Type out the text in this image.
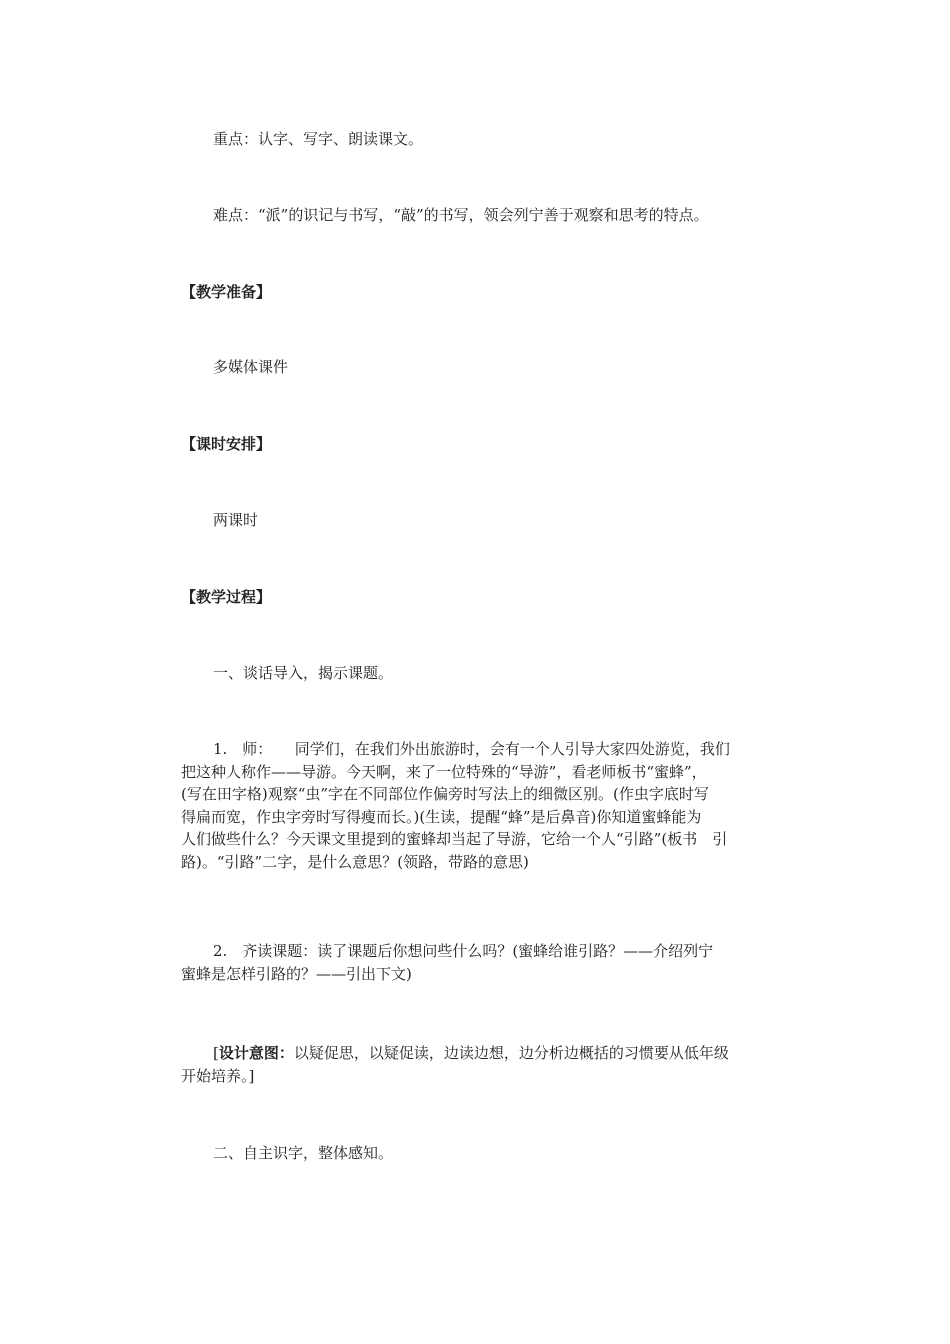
重点：认字、写字、朗读课文。
难点：“派”的识记与书写，“敲”的书写，领会列宁善于观察和思考的特点。
【教学准备】
多媒体课件
【课时安排】
两课时
【教学过程】
一、谈话导入，揭示课题。
1.　师：　　同学们，在我们外出旅游时，会有一个人引导大家四处游览，我们
把这种人称作——导游。今天啊，来了一位特殊的“导游”，看老师板书“蜜蜂”，
(写在田字格)观察“虫”字在不同部位作偏旁时写法上的细微区别。(作虫字底时写
得扁而宽，作虫字旁时写得瘦而长。)(生读，提醒“蜂”是后鼻音)你知道蜜蜂能为
人们做些什么？今天课文里提到的蜜蜂却当起了导游，它给一个人“引路”(板书　引
路)。“引路”二字，是什么意思？(领路，带路的意思)
2.　齐读课题：读了课题后你想问些什么吗？(蜜蜂给谁引路？——介绍列宁
蜜蜂是怎样引路的？——引出下文)
[设计意图：以疑促思，以疑促读，边读边想，边分析边概括的习惯要从低年级
开始培养。]
二、自主识字，整体感知。
